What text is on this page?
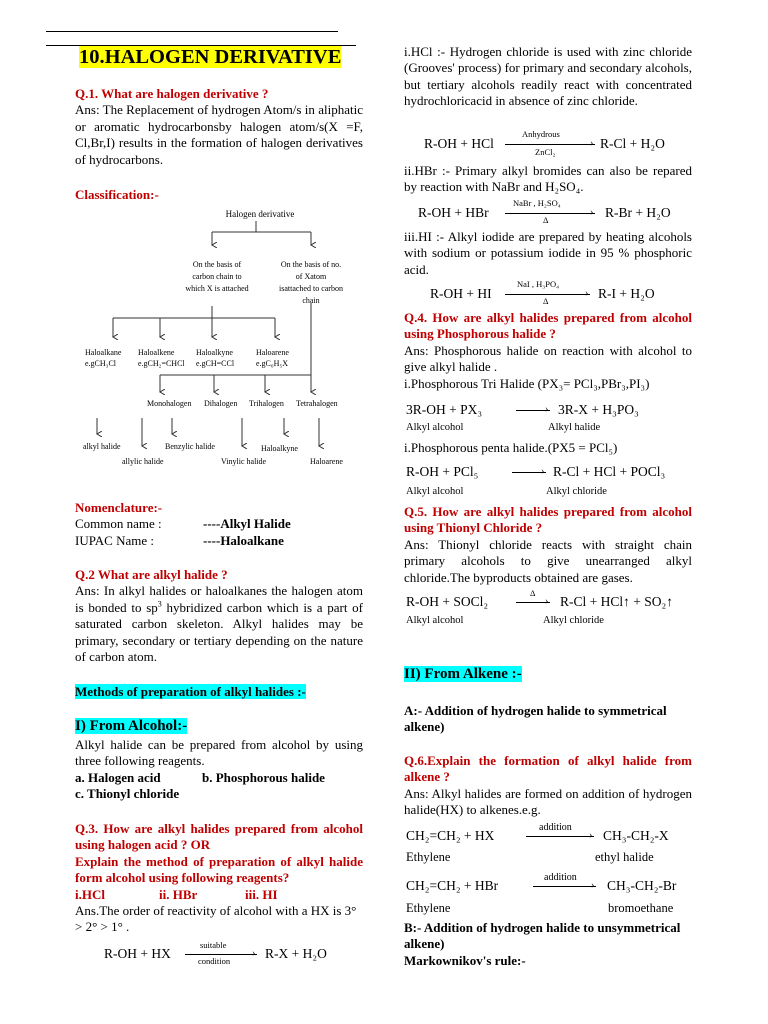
10.HALOGEN DERIVATIVE
Q.1. What are halogen derivative ?
Ans: The Replacement of hydrogen Atom/s in aliphatic or aromatic hydrocarbonsby halogen atom/s(X =F, Cl,Br,I) results in the formation of halogen derivatives of hydrocarbons.
Classification:-
Halogen derivative
On the basis of
carbon chain to
which X is attached
On the basis of no.
of Xatom
isattached to carbon
chain
Haloalkane
e.gCH₃Cl
Haloalkene
e.gCH₂=CHCl
Haloalkyne
e.gCH=CCl
Haloarene
e.gC₆H₅X
Monohalogen Dihalogen Trihalogen Tetrahalogen
alkyl halide	Benzylic halide	Haloalkyne
allylic halide	Vinylic halide	Haloarene
Nomenclature:-
Common name :	----Alkyl Halide
IUPAC Name :	----Haloalkane
Q.2 What are alkyl halide ?
Ans: In alkyl halides or haloalkanes the halogen atom is bonded to $sp^3$ hybridized carbon which is a part of saturated carbon skeleton. Alkyl halides may be primary, secondary or tertiary depending on the nature of carbon atom.
Methods of preparation of alkyl halides :-
I) From Alcohol:-
Alkyl halide can be prepared from alcohol by using three following reagents.
a. Halogen acid	b. Phosphorous halide
c. Thionyl chloride
Q.3. How are alkyl halides prepared from alcohol using halogen acid ? OR
Explain the method of preparation of alkyl halide form alcohol using following reagents?
i.HCl	ii. HBr	iii. HI
Ans.The order of reactivity of alcohol with a HX is 3° > 2° > 1° .
R-OH + HX
suitable
›
condition	R-X + H₂O
i.HCl :- Hydrogen chloride is used with zinc chloride (Grooves' process) for primary and secondary alcohols, but tertiary alcohols readily react with concentrated hydrochloricacid in absence of zinc chloride.
R-OH + HCl
Anhydrous
›
ZnCl₂
R-Cl + H₂O
ii.HBr :- Primary alkyl bromides can also be repared by reaction with NaBr and H₂SO₄.
R-OH + HBr
NaBr , H₂SO₄
›
Δ	R-Br + H₂O
iii.HI :- Alkyl iodide are prepared by heating alcohols with sodium or potassium iodide in 95 % phosphoric acid.
R-OH + HI
NaI , H₃PO₄
›
Δ	R-I + H₂O
Q.4. How are alkyl halides prepared from alcohol using Phosphorous halide ?
Ans: Phosphorous halide on reaction with alcohol to give alkyl halide .
i.Phosphorous Tri Halide (PX₃= PCl₃,PBr₃,PI₃)
3R-OH + PX₃	› 3R-X + H₃PO₃
Alkyl alcohol	Alkyl halide
i.Phosphorous penta halide.(PX5 = PCl₅)
R-OH + PCl₅	› R-Cl + HCl + POCl₃
Alkyl alcohol	Alkyl chloride
Q.5. How are alkyl halides prepared from alcohol using Thionyl Chloride ?
Ans: Thionyl chloride reacts with straight chain primary alcohols to give unearranged alkyl chloride.The byproducts obtained are gases.
R-OH + SOCl₂
Δ
› R-Cl + HCl↑ + SO₂↑
Alkyl alcohol	Alkyl chloride
II) From Alkene :-
A:- Addition of hydrogen halide to symmetrical alkene)
Q.6.Explain the formation of alkyl halide from alkene ?
Ans: Alkyl halides are formed on addition of hydrogen halide(HX) to alkenes.e.g.
CH₂=CH₂ + HX
addition
› CH₃-CH₂-X
Ethylene	ethyl halide
CH₂=CH₂ + HBr
addition
› CH₃-CH₂-Br
Ethylene	bromoethane
B:- Addition of hydrogen halide to unsymmetrical alkene)
Markownikov's rule:-
